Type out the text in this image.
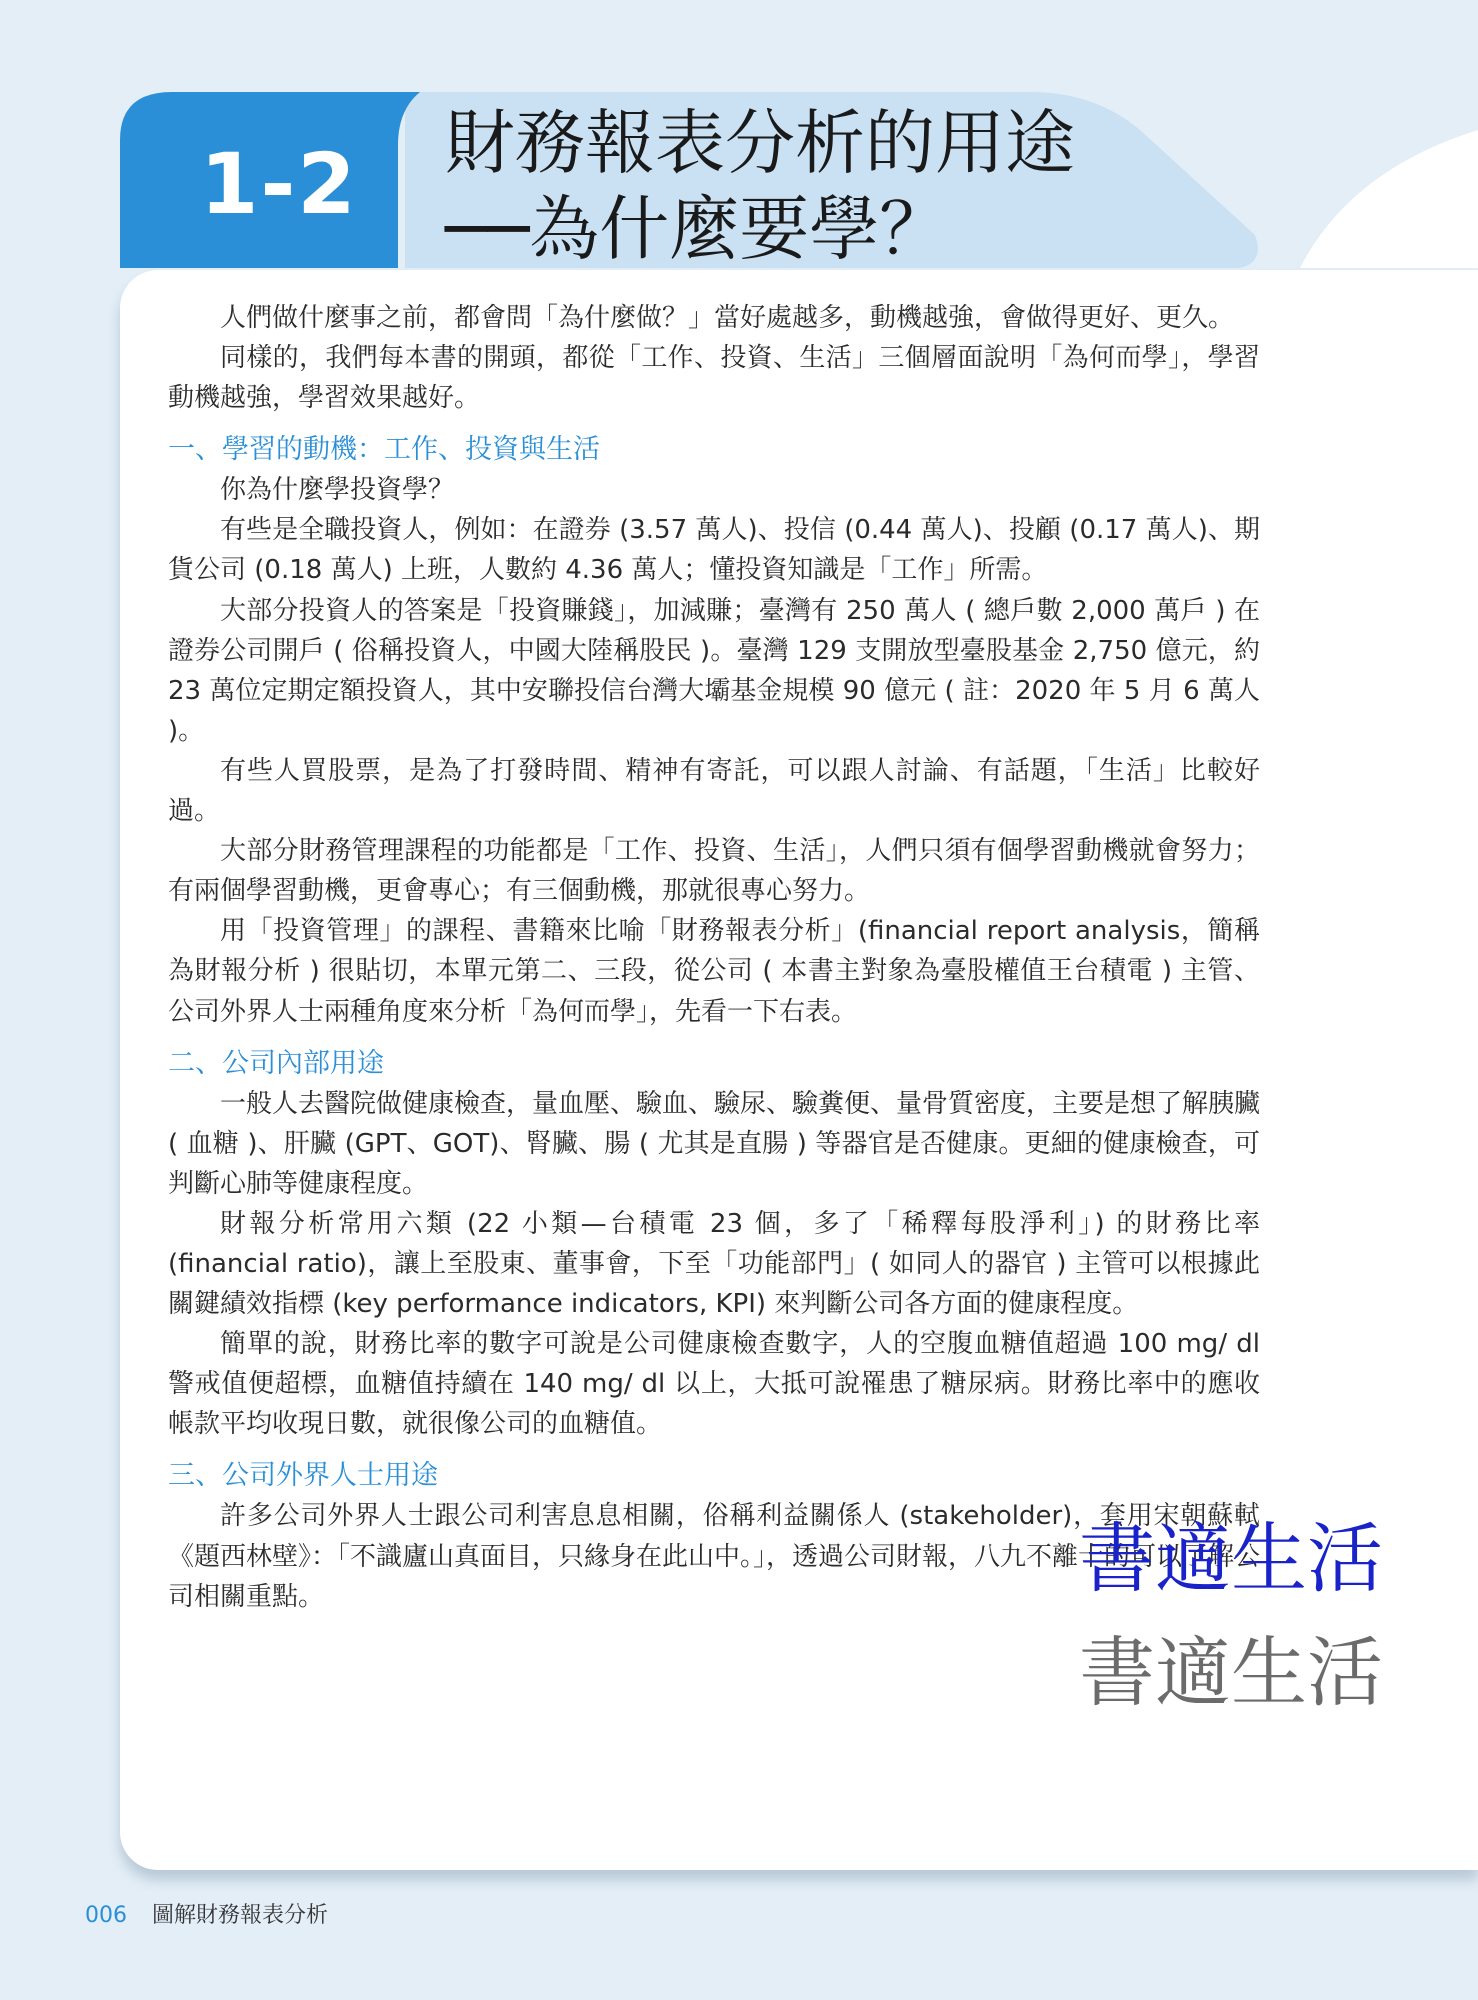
1-2 財務報表分析的用途
──為什麼要學？

人們做什麼事之前，都會問「為什麼做？」當好處越多，動機越強，會做得更好、更久。

同樣的，我們每本書的開頭，都從「工作、投資、生活」三個層面說明「為何而學」，學習動機越強，學習效果越好。

一、學習的動機：工作、投資與生活

你為什麼學投資學？

有些是全職投資人，例如：在證券 (3.57 萬人)、投信 (0.44 萬人)、投顧 (0.17 萬人)、期貨公司 (0.18 萬人) 上班，人數約 4.36 萬人；懂投資知識是「工作」所需。

大部分投資人的答案是「投資賺錢」，加減賺；臺灣有 250 萬人 ( 總戶數 2,000 萬戶 ) 在證券公司開戶 ( 俗稱投資人，中國大陸稱股民 )。臺灣 129 支開放型臺股基金 2,750 億元，約 23 萬位定期定額投資人，其中安聯投信台灣大壩基金規模 90 億元 ( 註：2020 年 5 月 6 萬人 )。

有些人買股票，是為了打發時間、精神有寄託，可以跟人討論、有話題，「生活」比較好過。

大部分財務管理課程的功能都是「工作、投資、生活」，人們只須有個學習動機就會努力；有兩個學習動機，更會專心；有三個動機，那就很專心努力。

用「投資管理」的課程、書籍來比喻「財務報表分析」(financial report analysis，簡稱為財報分析 ) 很貼切，本單元第二、三段，從公司 ( 本書主對象為臺股權值王台積電 ) 主管、公司外界人士兩種角度來分析「為何而學」，先看一下右表。

二、公司內部用途

一般人去醫院做健康檢查，量血壓、驗血、驗尿、驗糞便、量骨質密度，主要是想了解胰臟 ( 血糖 )、肝臟 (GPT、GOT)、腎臟、腸 ( 尤其是直腸 ) 等器官是否健康。更細的健康檢查，可判斷心肺等健康程度。

財報分析常用六類 (22 小類—台積電 23 個，多了「稀釋每股淨利」) 的財務比率 (financial ratio)，讓上至股東、董事會，下至「功能部門」( 如同人的器官 ) 主管可以根據此關鍵績效指標 (key performance indicators, KPI) 來判斷公司各方面的健康程度。

簡單的說，財務比率的數字可說是公司健康檢查數字，人的空腹血糖值超過 100 mg/ dl 警戒值便超標，血糖值持續在 140 mg/ dl 以上，大抵可說罹患了糖尿病。財務比率中的應收帳款平均收現日數，就很像公司的血糖值。

三、公司外界人士用途

許多公司外界人士跟公司利害息息相關，俗稱利益關係人 (stakeholder)，套用宋朝蘇軾《題西林壁》：「不識廬山真面目，只緣身在此山中。」，透過公司財報，八九不離十的可以了解公司相關重點。	書適生活
書適生活
006 圖解財務報表分析
